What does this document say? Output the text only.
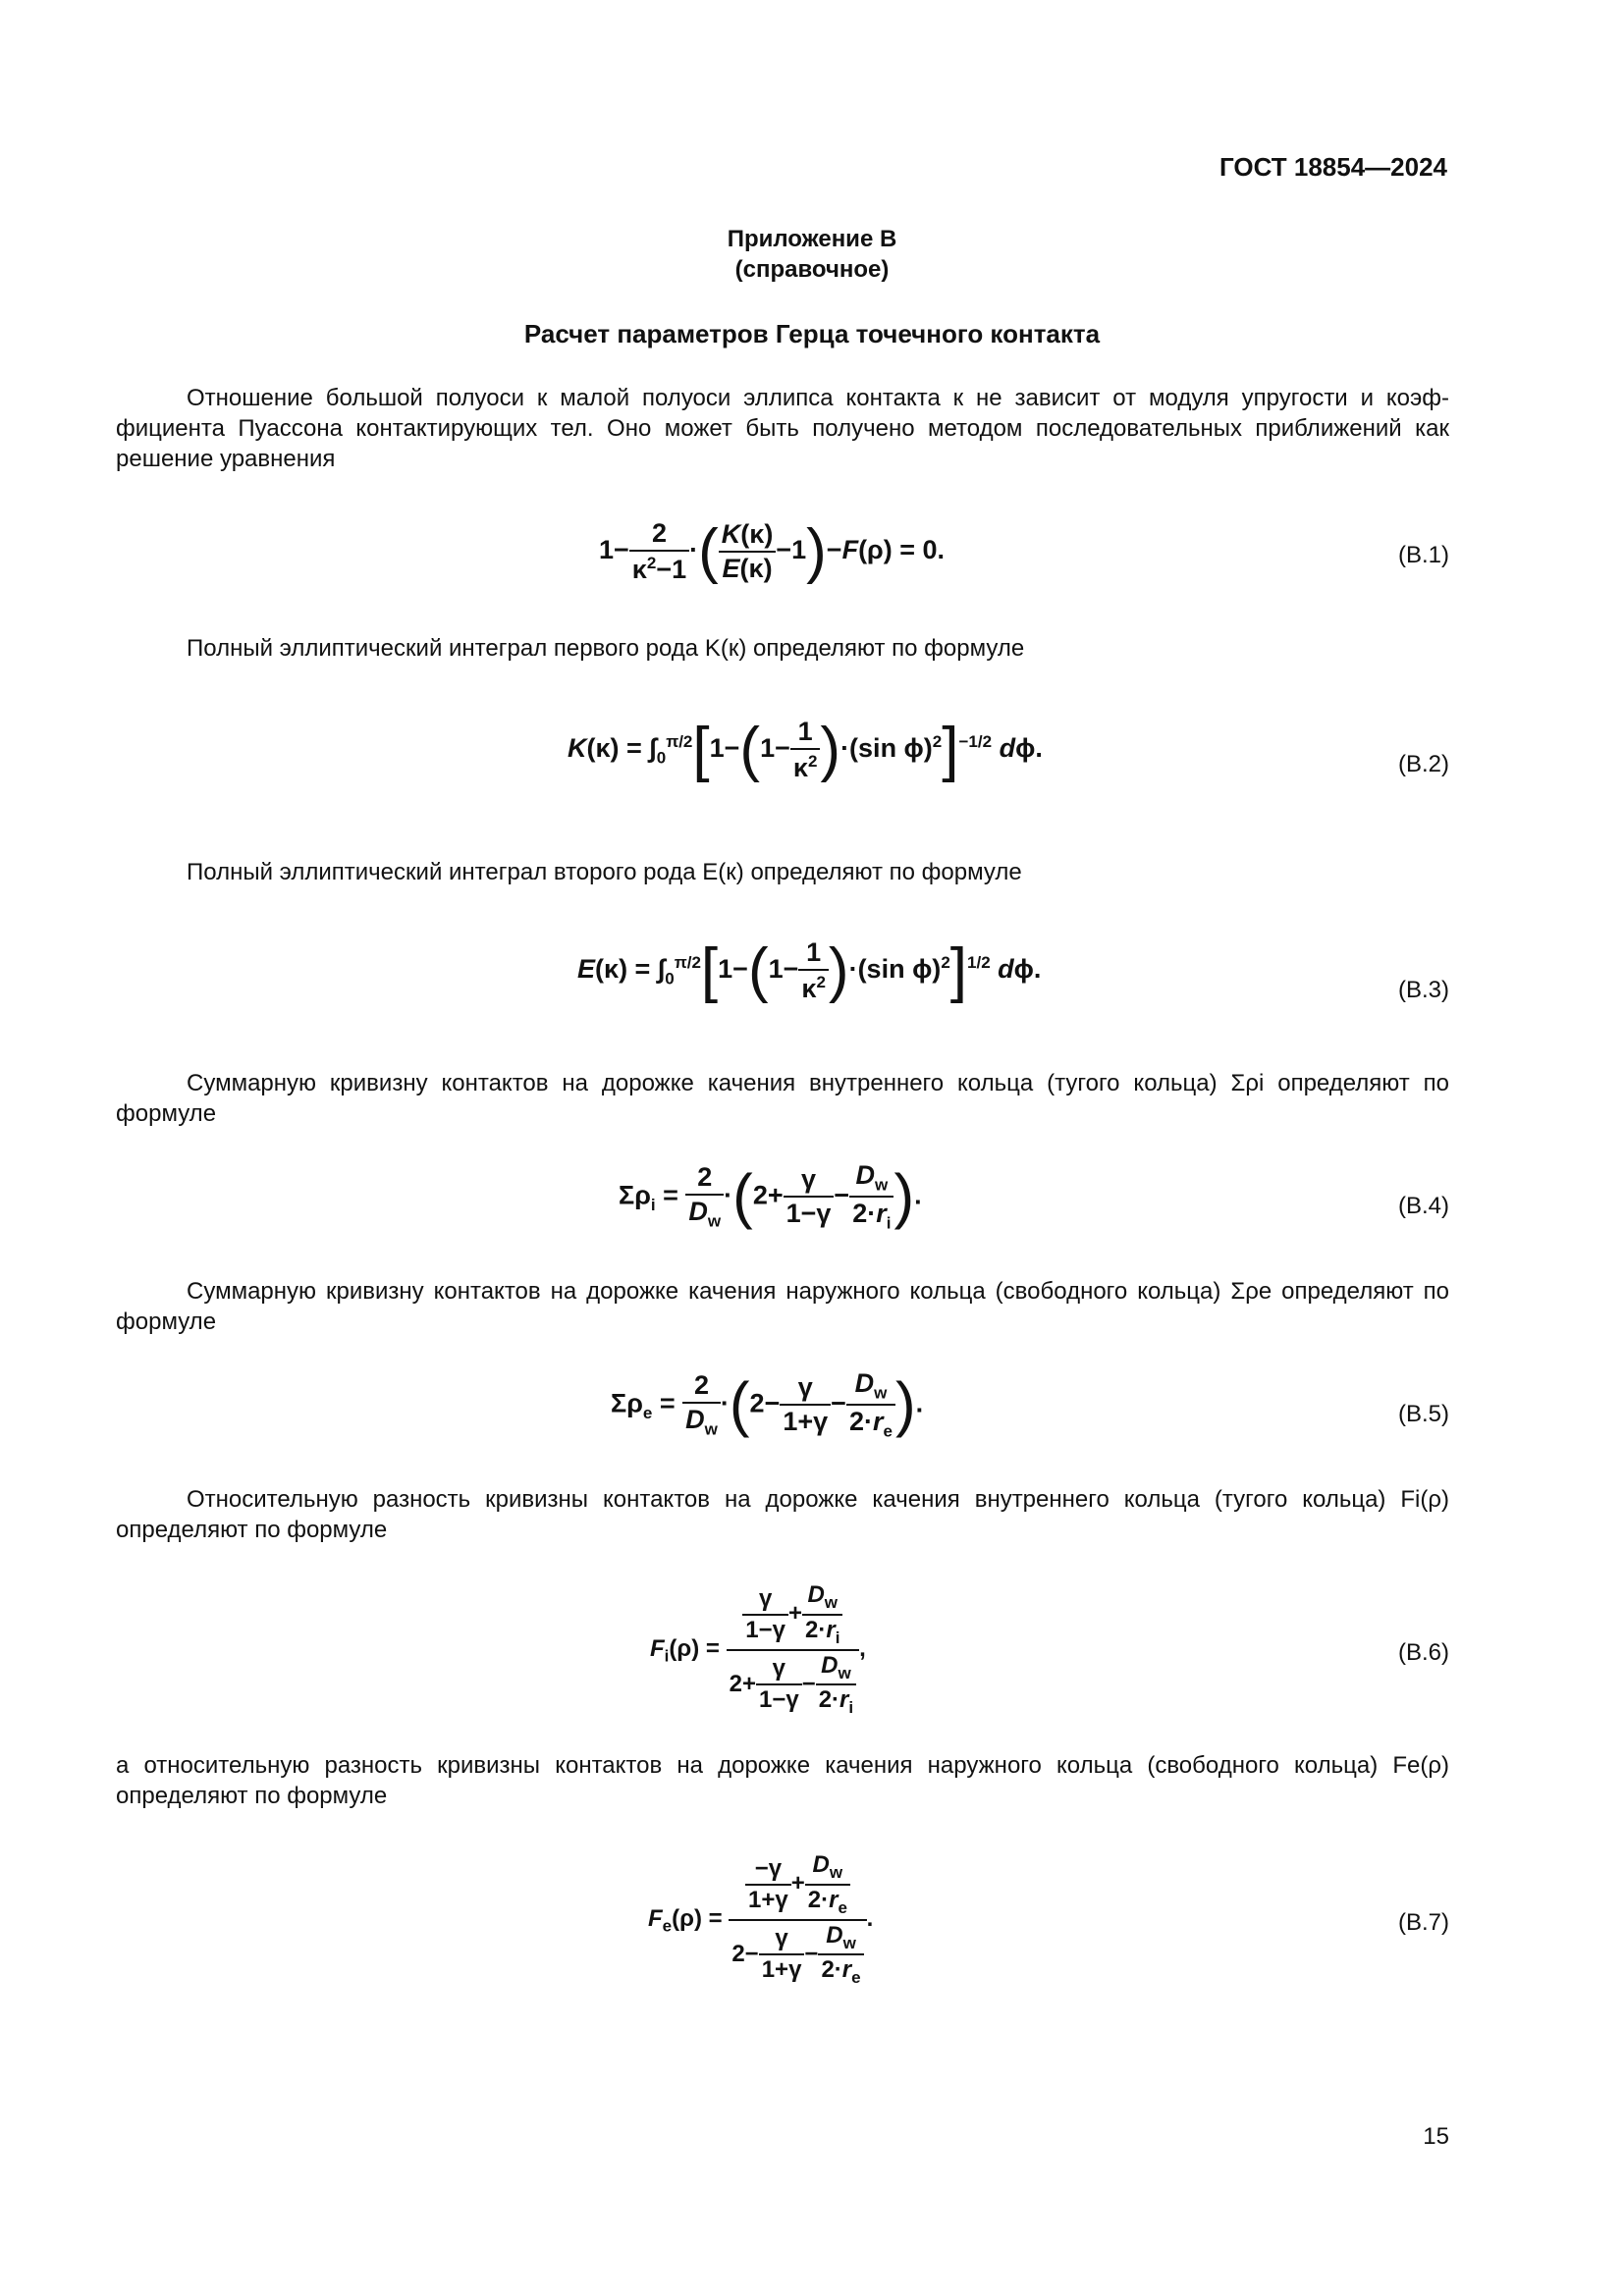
ГОСТ 18854—2024
Приложение В
(справочное)
Расчет параметров Герца точечного контакта

Отношение большой полуоси к малой полуоси эллипса контакта к не зависит от модуля упругости и коэффициента Пуассона контактирующих тел. Оно может быть получено методом последовательных приближений как решение уравнения

$1- \frac{2}{\kappa^2-1}$ ·( $\frac{K(\kappa)}{E(\kappa)} -1)-F(\rho) = 0$.	(В.1)

Полный эллиптический интеграл первого рода K(к) определяют по формуле

$K(\kappa) = \int_0^{\pi/2}[1-(1- \frac{1}{\kappa^2} )\cdot(\sin$ ϕ)$^2$]$^{-1/2}$ dϕ.
(В.2)

Полный эллиптический интеграл второго рода E(к) определяют по формуле

$E(\kappa) = \int_0^{\pi/2}[1-(1- \frac{1}{\kappa^2} )\cdot(\sin$ ϕ)$^2$]$^{1/2}$ dϕ.
(В.3)

Суммарную кривизну контактов на дорожке качения внутреннего кольца (тугого кольца) Σρi определяют по формуле

$\Sigma\rho_i = \frac{2}{D_w} \cdot(2+ \frac{\gamma}{1-\gamma} - \frac{D_w}{2\cdot r_i}$ ).	(В.4)

Суммарную кривизну контактов на дорожке качения наружного кольца (свободного кольца) Σρe определяют по формуле

$\Sigma\rho_e = \frac{2}{D_w} \cdot(2- \frac{\gamma}{1+\gamma} - \frac{D_w}{2\cdot r_e}$ ).	(В.5)

Относительную разность кривизны контактов на дорожке качения внутреннего кольца (тугого кольца) Fi(ρ) определяют по формуле

$F_i(\rho) = \frac{\frac{\gamma}{1-\gamma} + \frac{D_w}{2\cdot r_i}}{2+ \frac{\gamma}{1-\gamma} - \frac{D_w}{2\cdot r_i}}$ ,	(В.6)

а относительную разность кривизны контактов на дорожке качения наружного кольца (свободного кольца) Fe(ρ) определяют по формуле

$F_e(\rho) = \frac{\frac{-\gamma}{1+\gamma} + \frac{D_w}{2\cdot r_e}}{2- \frac{\gamma}{1+\gamma} - \frac{D_w}{2\cdot r_e}}$ .	(В.7)
15
